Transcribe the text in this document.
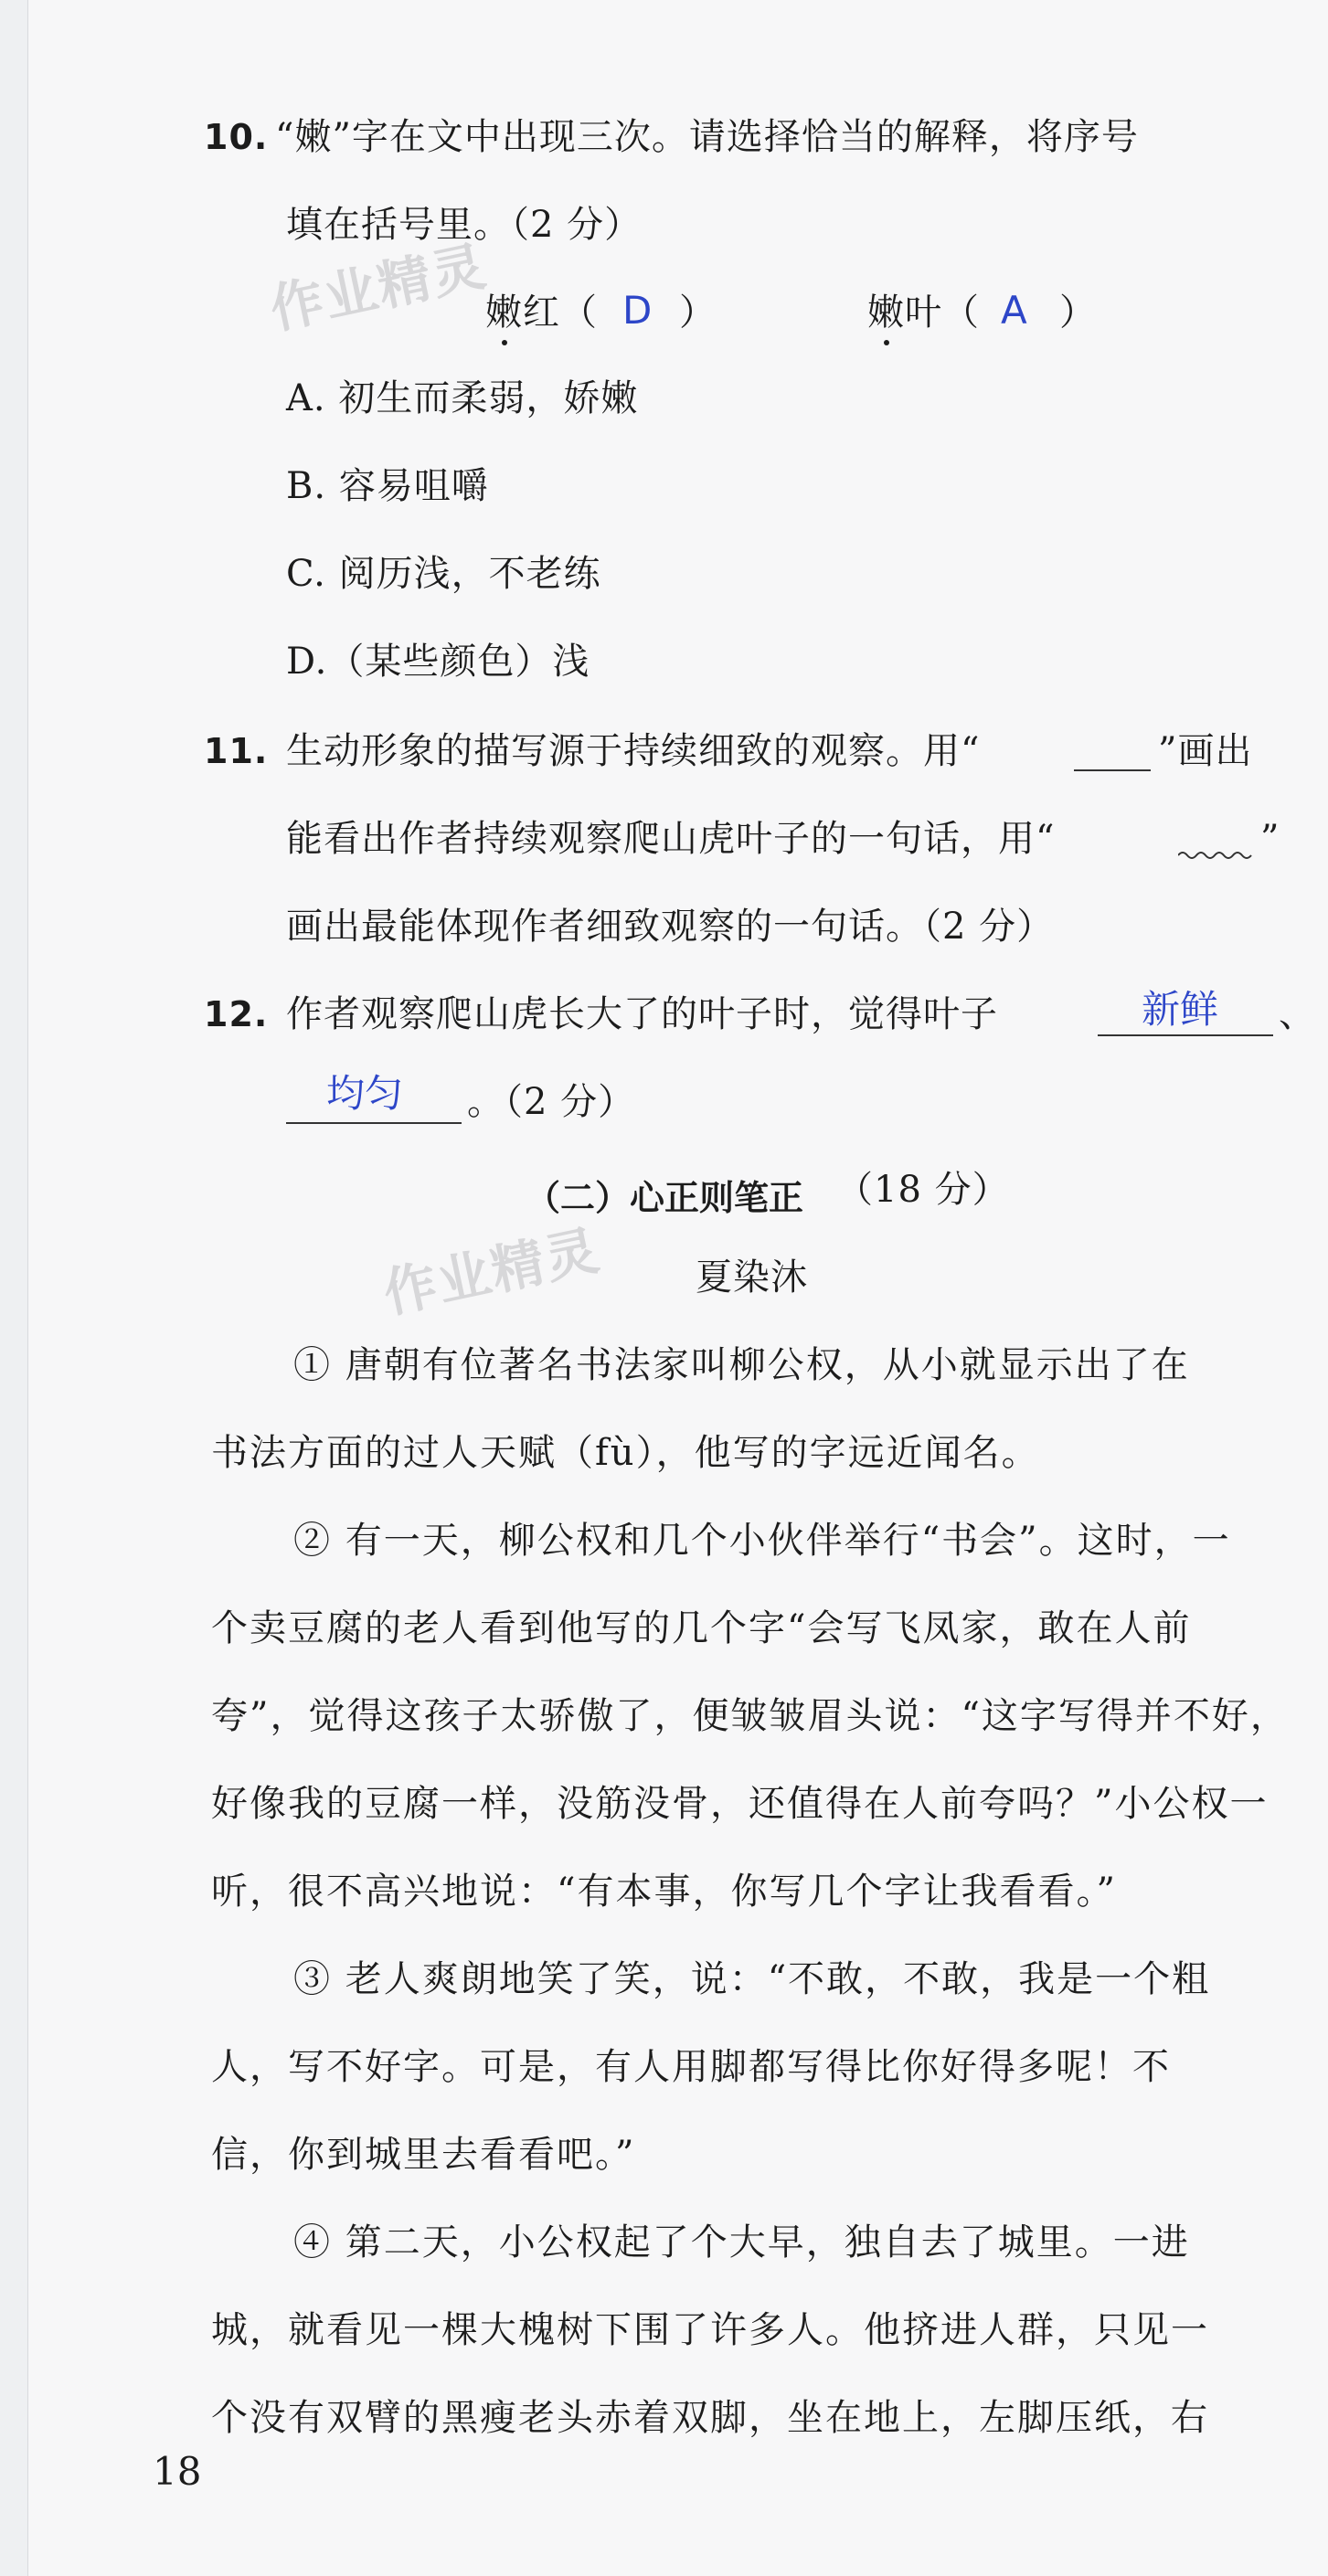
作业精灵
作业精灵
10. “嫩”字在文中出现三次。请选择恰当的解释，将序号
填在括号里。（2 分）
嫩红（ D ）	嫩叶（ A ）
A. 初生而柔弱，娇嫩
B. 容易咀嚼
C. 阅历浅，不老练
D.（某些颜色）浅
11. 生动形象的描写源于持续细致的观察。用“	”画出
能看出作者持续观察爬山虎叶子的一句话，用“	”
画出最能体现作者细致观察的一句话。（2 分）
12. 作者观察爬山虎长大了的叶子时，觉得叶子	新鲜 、
均匀 。（2 分）
（二）心正则笔正 （18 分）
夏染沐
① 唐朝有位著名书法家叫柳公权，从小就显示出了在
书法方面的过人天赋（fù），他写的字远近闻名。
② 有一天，柳公权和几个小伙伴举行“书会”。这时，一
个卖豆腐的老人看到他写的几个字“会写飞凤家，敢在人前
夸”，觉得这孩子太骄傲了，便皱皱眉头说：“这字写得并不好，
好像我的豆腐一样，没筋没骨，还值得在人前夸吗？”小公权一
听，很不高兴地说：“有本事，你写几个字让我看看。”
③ 老人爽朗地笑了笑，说：“不敢，不敢，我是一个粗
人，写不好字。可是，有人用脚都写得比你好得多呢！不
信，你到城里去看看吧。”
④ 第二天，小公权起了个大早，独自去了城里。一进
城，就看见一棵大槐树下围了许多人。他挤进人群，只见一
个没有双臂的黑瘦老头赤着双脚，坐在地上，左脚压纸，右
18
